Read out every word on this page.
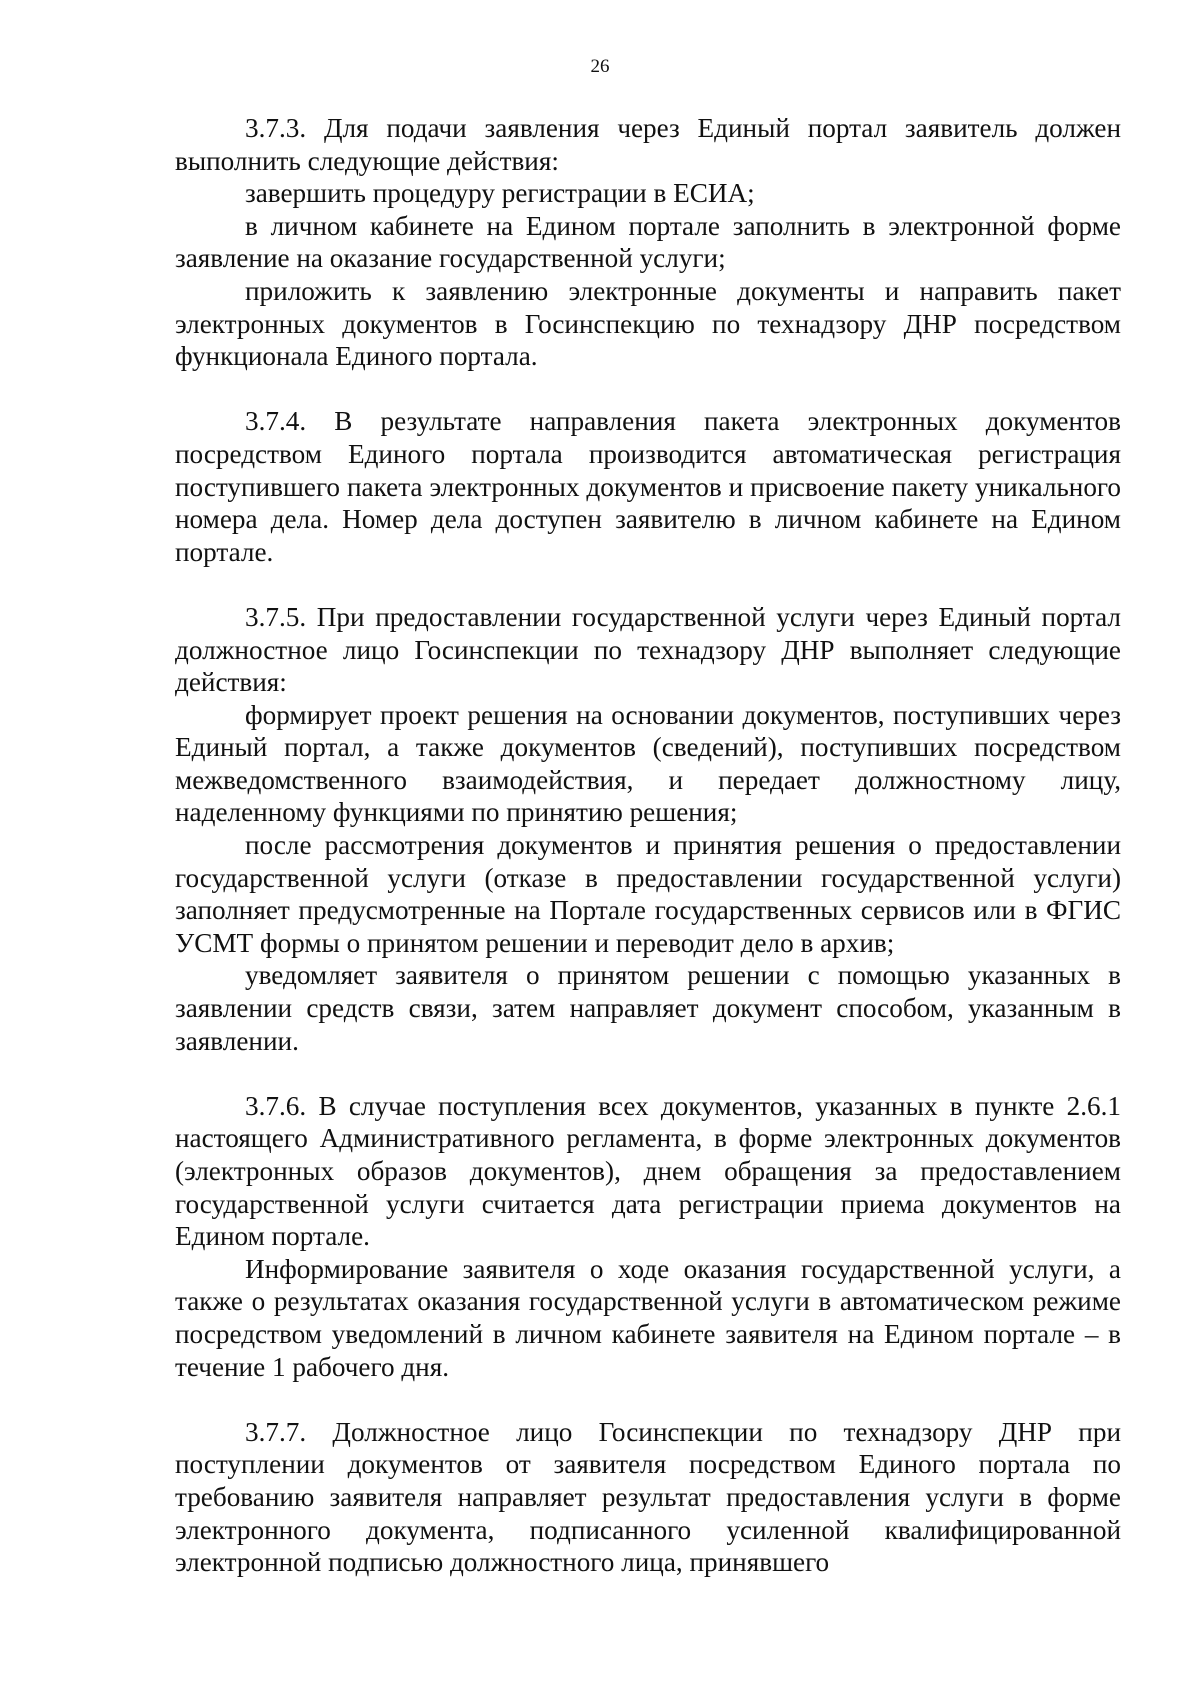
26

3.7.3. Для подачи заявления через Единый портал заявитель должен выполнить следующие действия:

завершить процедуру регистрации в ЕСИА;

в личном кабинете на Едином портале заполнить в электронной форме заявление на оказание государственной услуги;

приложить к заявлению электронные документы и направить пакет электронных документов в Госинспекцию по технадзору ДНР посредством функционала Единого портала.

3.7.4. В результате направления пакета электронных документов посредством Единого портала производится автоматическая регистрация поступившего пакета электронных документов и присвоение пакету уникального номера дела. Номер дела доступен заявителю в личном кабинете на Едином портале.

3.7.5. При предоставлении государственной услуги через Единый портал должностное лицо Госинспекции по технадзору ДНР выполняет следующие действия:

формирует проект решения на основании документов, поступивших через Единый портал, а также документов (сведений), поступивших посредством межведомственного взаимодействия, и передает должностному лицу, наделенному функциями по принятию решения;

после рассмотрения документов и принятия решения о предоставлении государственной услуги (отказе в предоставлении государственной услуги) заполняет предусмотренные на Портале государственных сервисов или в ФГИС УСМТ формы о принятом решении и переводит дело в архив;

уведомляет заявителя о принятом решении с помощью указанных в заявлении средств связи, затем направляет документ способом, указанным в заявлении.

3.7.6. В случае поступления всех документов, указанных в пункте 2.6.1 настоящего Административного регламента, в форме электронных документов (электронных образов документов), днем обращения за предоставлением государственной услуги считается дата регистрации приема документов на Едином портале.

Информирование заявителя о ходе оказания государственной услуги, а также о результатах оказания государственной услуги в автоматическом режиме посредством уведомлений в личном кабинете заявителя на Едином портале – в течение 1 рабочего дня.

3.7.7. Должностное лицо Госинспекции по технадзору ДНР при поступлении документов от заявителя посредством Единого портала по требованию заявителя направляет результат предоставления услуги в форме электронного документа, подписанного усиленной квалифицированной электронной подписью должностного лица, принявшего
